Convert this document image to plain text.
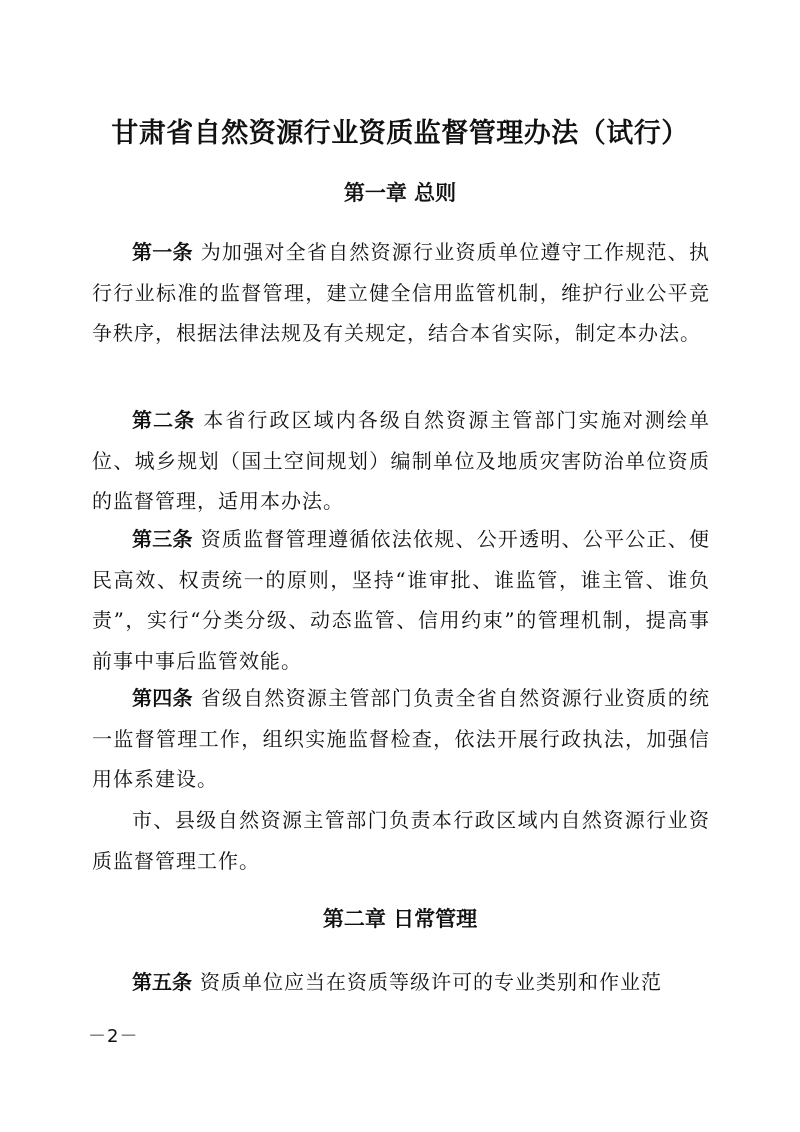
甘肃省自然资源行业资质监督管理办法（试行）
第一章 总则

第一条 为加强对全省自然资源行业资质单位遵守工作规范、执行行业标准的监督管理，建立健全信用监管机制，维护行业公平竞争秩序，根据法律法规及有关规定，结合本省实际，制定本办法。

第二条 本省行政区域内各级自然资源主管部门实施对测绘单位、城乡规划（国土空间规划）编制单位及地质灾害防治单位资质的监督管理，适用本办法。

第三条 资质监督管理遵循依法依规、公开透明、公平公正、便民高效、权责统一的原则，坚持“谁审批、谁监管，谁主管、谁负责”，实行“分类分级、动态监管、信用约束”的管理机制，提高事前事中事后监管效能。

第四条 省级自然资源主管部门负责全省自然资源行业资质的统一监督管理工作，组织实施监督检查，依法开展行政执法，加强信用体系建设。

市、县级自然资源主管部门负责本行政区域内自然资源行业资质监督管理工作。

第二章 日常管理

第五条 资质单位应当在资质等级许可的专业类别和作业范

－2－
